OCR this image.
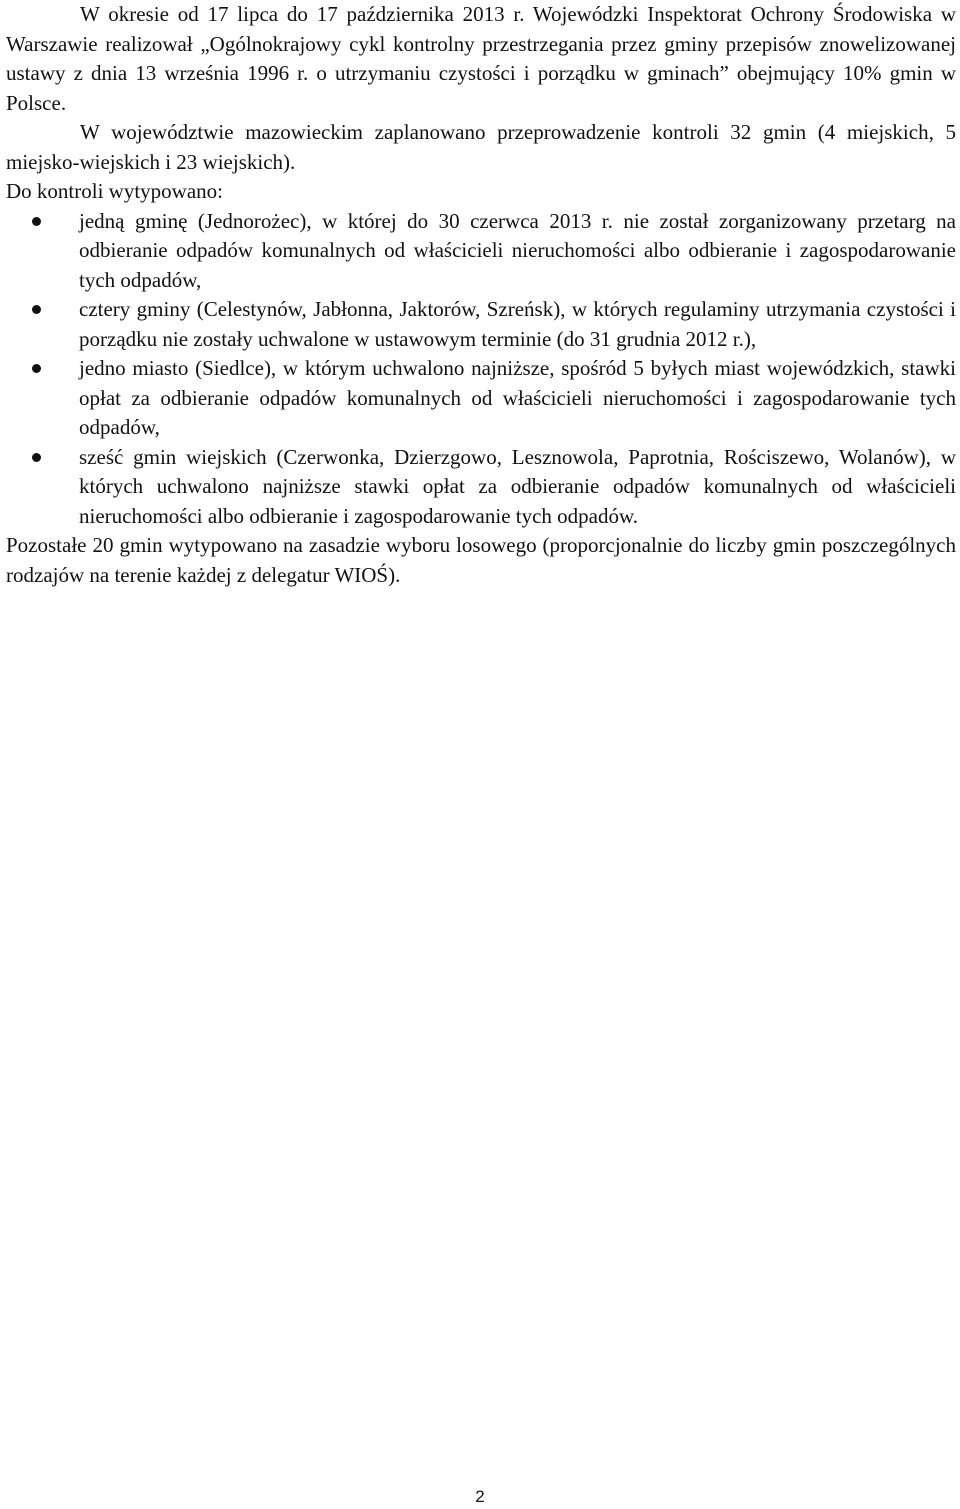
W okresie od 17 lipca do 17 października 2013 r. Wojewódzki Inspektorat Ochrony Środowiska w Warszawie realizował „Ogólnokrajowy cykl kontrolny przestrzegania przez gminy przepisów znowelizowanej ustawy z dnia 13 września 1996 r. o utrzymaniu czystości i porządku w gminach” obejmujący 10% gmin w Polsce.

W województwie mazowieckim zaplanowano przeprowadzenie kontroli 32 gmin (4 miejskich, 5 miejsko-wiejskich i 23 wiejskich).

Do kontroli wytypowano:

jedną gminę (Jednorożec), w której do 30 czerwca 2013 r. nie został zorganizowany przetarg na odbieranie odpadów komunalnych od właścicieli nieruchomości albo odbieranie i zagospodarowanie tych odpadów,
cztery gminy (Celestynów, Jabłonna, Jaktorów, Szreńsk), w których regulaminy utrzymania czystości i porządku nie zostały uchwalone w ustawowym terminie (do 31 grudnia 2012 r.),
jedno miasto (Siedlce), w którym uchwalono najniższe, spośród 5 byłych miast wojewódzkich, stawki opłat za odbieranie odpadów komunalnych od właścicieli nieruchomości i zagospodarowanie tych odpadów,
sześć gmin wiejskich (Czerwonka, Dzierzgowo, Lesznowola, Paprotnia, Rościszewo, Wolanów), w których uchwalono najniższe stawki opłat za odbieranie odpadów komunalnych od właścicieli nieruchomości albo odbieranie i zagospodarowanie tych odpadów.

Pozostałe 20 gmin wytypowano na zasadzie wyboru losowego (proporcjonalnie do liczby gmin poszczególnych rodzajów na terenie każdej z delegatur WIOŚ).

2
